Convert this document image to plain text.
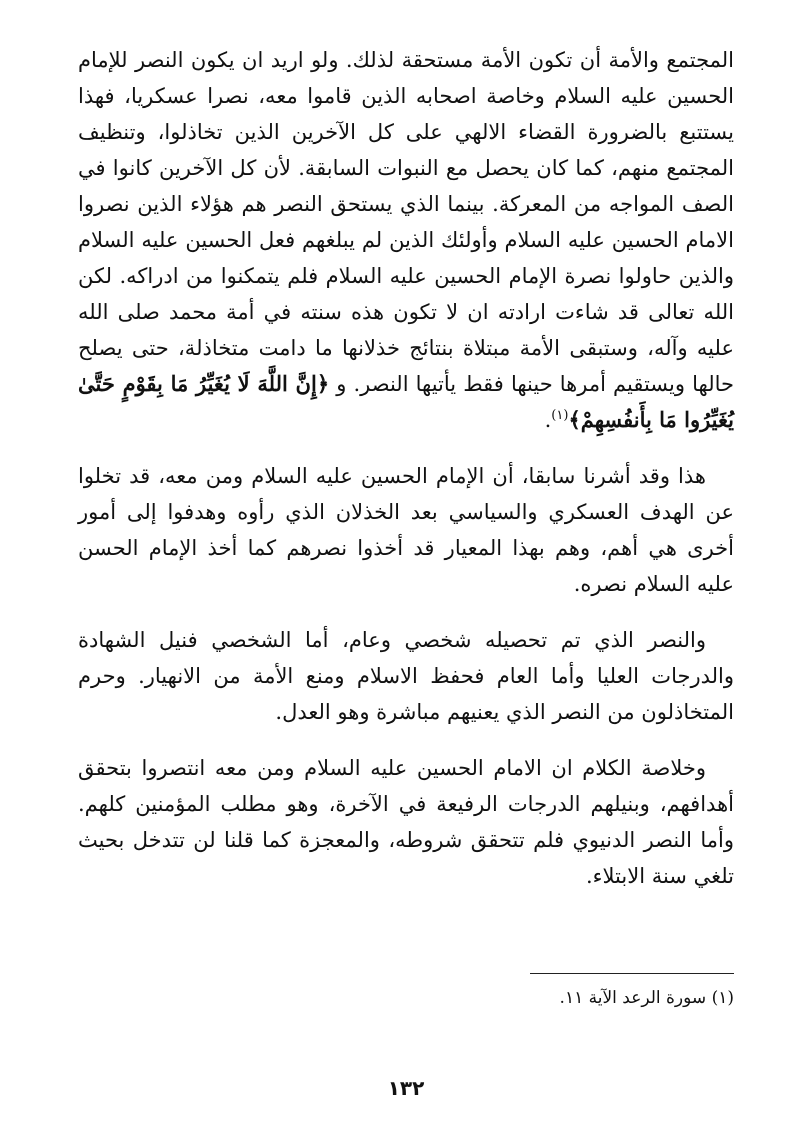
المجتمع والأمة أن تكون الأمة مستحقة لذلك. ولو اريد ان يكون النصر للإمام الحسين عليه السلام وخاصة اصحابه الذين قاموا معه، نصرا عسكريا، فهذا يستتبع بالضرورة القضاء الالهي على كل الآخرين الذين تخاذلوا، وتنظيف المجتمع منهم، كما كان يحصل مع النبوات السابقة. لأن كل الآخرين كانوا في الصف المواجه من المعركة. بينما الذي يستحق النصر هم هؤلاء الذين نصروا الامام الحسين عليه السلام وأولئك الذين لم يبلغهم فعل الحسين عليه السلام والذين حاولوا نصرة الإمام الحسين عليه السلام فلم يتمكنوا من ادراكه. لكن الله تعالى قد شاءت ارادته ان لا تكون هذه سنته في أمة محمد صلى الله عليه وآله، وستبقى الأمة مبتلاة بنتائج خذلانها ما دامت متخاذلة، حتى يصلح حالها ويستقيم أمرها حينها فقط يأتيها النصر. و ﴿إِنَّ اللَّهَ لَا يُغَيِّرُ مَا بِقَوْمٍ حَتَّىٰ يُغَيِّرُوا مَا بِأَنفُسِهِمْ﴾$^{(١)}$.

هذا وقد أشرنا سابقا، أن الإمام الحسين عليه السلام ومن معه، قد تخلوا عن الهدف العسكري والسياسي بعد الخذلان الذي رأوه وهدفوا إلى أمور أخرى هي أهم، وهم بهذا المعيار قد أخذوا نصرهم كما أخذ الإمام الحسن عليه السلام نصره.

والنصر الذي تم تحصيله شخصي وعام، أما الشخصي فنيل الشهادة والدرجات العليا وأما العام فحفظ الاسلام ومنع الأمة من الانهيار. وحرم المتخاذلون من النصر الذي يعنيهم مباشرة وهو العدل.

وخلاصة الكلام ان الامام الحسين عليه السلام ومن معه انتصروا بتحقق أهدافهم، وبنيلهم الدرجات الرفيعة في الآخرة، وهو مطلب المؤمنين كلهم. وأما النصر الدنيوي فلم تتحقق شروطه، والمعجزة كما قلنا لن تتدخل بحيث تلغي سنة الابتلاء.

(١) سورة الرعد الآية ١١.
١٣٢
